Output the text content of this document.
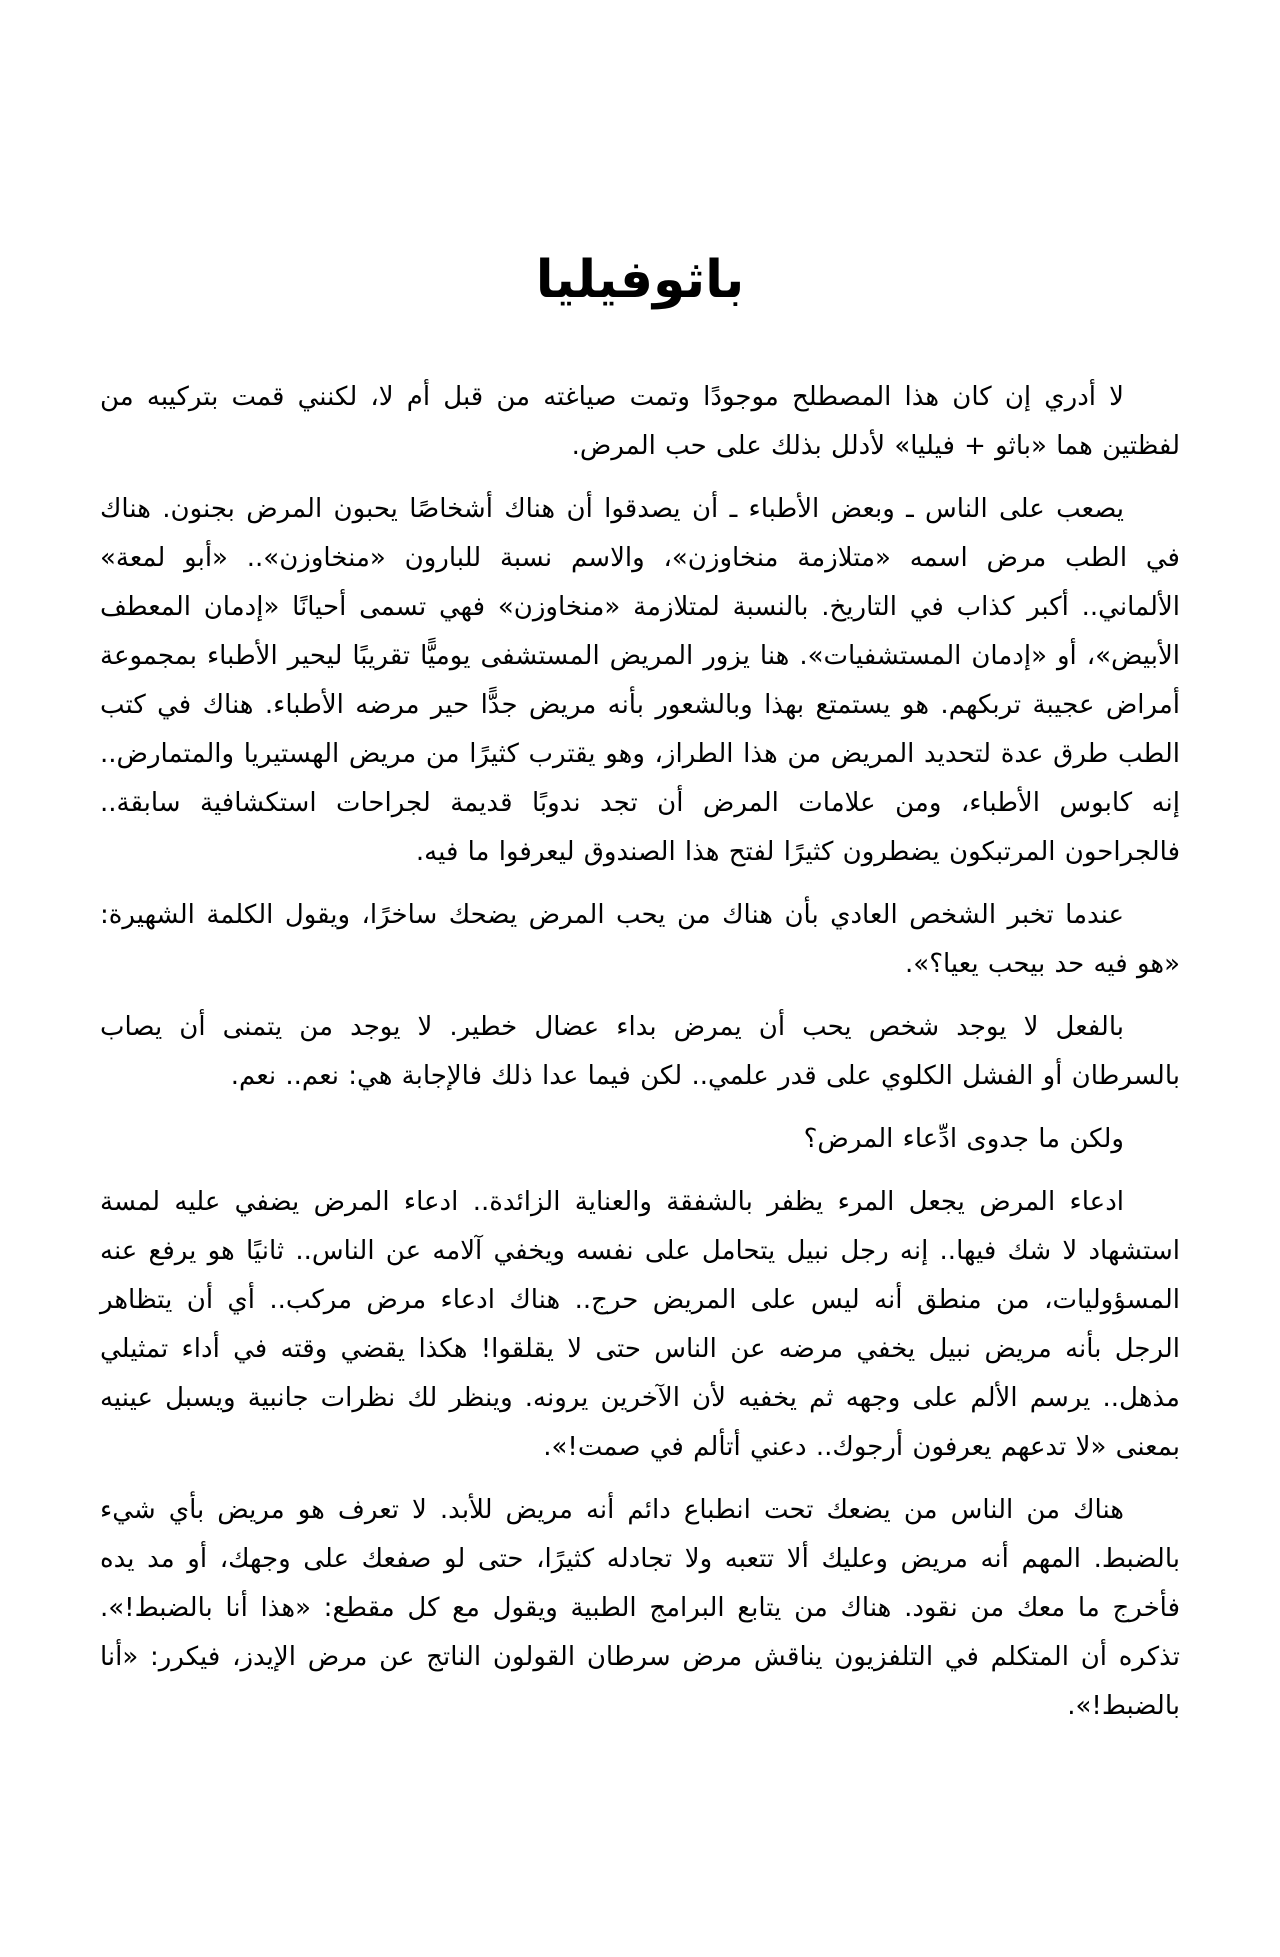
باثوفيليا

لا أدري إن كان هذا المصطلح موجودًا وتمت صياغته من قبل أم لا، لكنني قمت بتركيبه من لفظتين هما «باثو + فيليا» لأدلل بذلك على حب المرض.

يصعب على الناس ـ وبعض الأطباء ـ أن يصدقوا أن هناك أشخاصًا يحبون المرض بجنون. هناك في الطب مرض اسمه «متلازمة منخاوزن»، والاسم نسبة للبارون «منخاوزن».. «أبو لمعة» الألماني.. أكبر كذاب في التاريخ. بالنسبة لمتلازمة «منخاوزن» فهي تسمى أحيانًا «إدمان المعطف الأبيض»، أو «إدمان المستشفيات». هنا يزور المريض المستشفى يوميًّا تقريبًا ليحير الأطباء بمجموعة أمراض عجيبة تربكهم. هو يستمتع بهذا وبالشعور بأنه مريض جدًّا حير مرضه الأطباء. هناك في كتب الطب طرق عدة لتحديد المريض من هذا الطراز، وهو يقترب كثيرًا من مريض الهستيريا والمتمارض.. إنه كابوس الأطباء، ومن علامات المرض أن تجد ندوبًا قديمة لجراحات استكشافية سابقة.. فالجراحون المرتبكون يضطرون كثيرًا لفتح هذا الصندوق ليعرفوا ما فيه.

عندما تخبر الشخص العادي بأن هناك من يحب المرض يضحك ساخرًا، ويقول الكلمة الشهيرة: «هو فيه حد بيحب يعيا؟».

بالفعل لا يوجد شخص يحب أن يمرض بداء عضال خطير. لا يوجد من يتمنى أن يصاب بالسرطان أو الفشل الكلوي على قدر علمي.. لكن فيما عدا ذلك فالإجابة هي: نعم.. نعم.

ولكن ما جدوى ادِّعاء المرض؟

ادعاء المرض يجعل المرء يظفر بالشفقة والعناية الزائدة.. ادعاء المرض يضفي عليه لمسة استشهاد لا شك فيها.. إنه رجل نبيل يتحامل على نفسه ويخفي آلامه عن الناس.. ثانيًا هو يرفع عنه المسؤوليات، من منطق أنه ليس على المريض حرج.. هناك ادعاء مرض مركب.. أي أن يتظاهر الرجل بأنه مريض نبيل يخفي مرضه عن الناس حتى لا يقلقوا! هكذا يقضي وقته في أداء تمثيلي مذهل.. يرسم الألم على وجهه ثم يخفيه لأن الآخرين يرونه. وينظر لك نظرات جانبية ويسبل عينيه بمعنى «لا تدعهم يعرفون أرجوك.. دعني أتألم في صمت!».

هناك من الناس من يضعك تحت انطباع دائم أنه مريض للأبد. لا تعرف هو مريض بأي شيء بالضبط. المهم أنه مريض وعليك ألا تتعبه ولا تجادله كثيرًا، حتى لو صفعك على وجهك، أو مد يده فأخرج ما معك من نقود. هناك من يتابع البرامج الطبية ويقول مع كل مقطع: «هذا أنا بالضبط!». تذكره أن المتكلم في التلفزيون يناقش مرض سرطان القولون الناتج عن مرض الإيدز، فيكرر: «أنا بالضبط!».
